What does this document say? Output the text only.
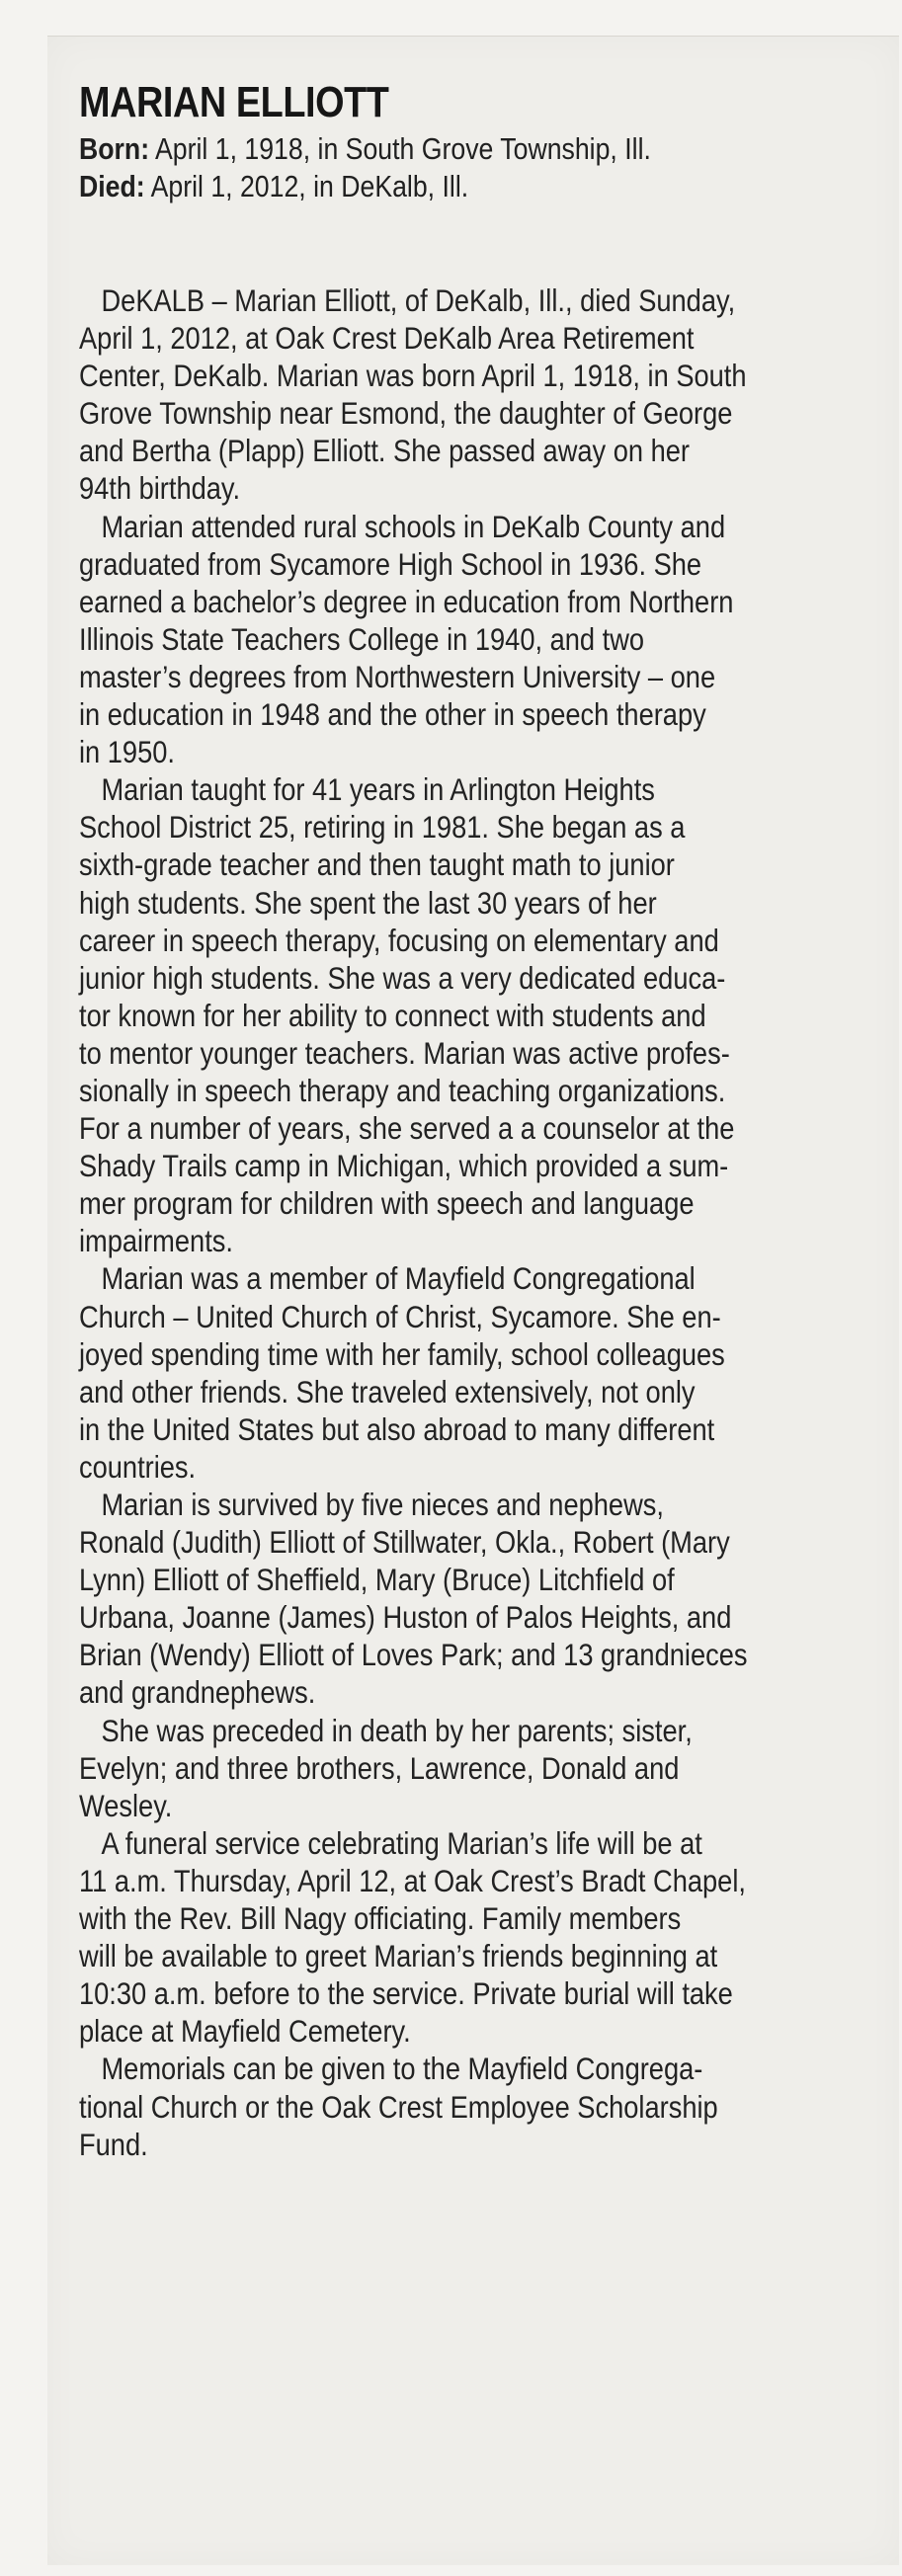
MARIAN ELLIOTT
Born: April 1, 1918, in South Grove Township, Ill.
Died: April 1, 2012, in DeKalb, Ill.
DeKALB – Marian Elliott, of DeKalb, Ill., died Sunday,
April 1, 2012, at Oak Crest DeKalb Area Retirement
Center, DeKalb. Marian was born April 1, 1918, in South
Grove Township near Esmond, the daughter of George
and Bertha (Plapp) Elliott. She passed away on her
94th birthday.
Marian attended rural schools in DeKalb County and
graduated from Sycamore High School in 1936. She
earned a bachelor’s degree in education from Northern
Illinois State Teachers College in 1940, and two
master’s degrees from Northwestern University – one
in education in 1948 and the other in speech therapy
in 1950.
Marian taught for 41 years in Arlington Heights
School District 25, retiring in 1981. She began as a
sixth-grade teacher and then taught math to junior
high students. She spent the last 30 years of her
career in speech therapy, focusing on elementary and
junior high students. She was a very dedicated educa-
tor known for her ability to connect with students and
to mentor younger teachers. Marian was active profes-
sionally in speech therapy and teaching organizations.
For a number of years, she served a a counselor at the
Shady Trails camp in Michigan, which provided a sum-
mer program for children with speech and language
impairments.
Marian was a member of Mayfield Congregational
Church – United Church of Christ, Sycamore. She en-
joyed spending time with her family, school colleagues
and other friends. She traveled extensively, not only
in the United States but also abroad to many different
countries.
Marian is survived by five nieces and nephews,
Ronald (Judith) Elliott of Stillwater, Okla., Robert (Mary
Lynn) Elliott of Sheffield, Mary (Bruce) Litchfield of
Urbana, Joanne (James) Huston of Palos Heights, and
Brian (Wendy) Elliott of Loves Park; and 13 grandnieces
and grandnephews.
She was preceded in death by her parents; sister,
Evelyn; and three brothers, Lawrence, Donald and
Wesley.
A funeral service celebrating Marian’s life will be at
11 a.m. Thursday, April 12, at Oak Crest’s Bradt Chapel,
with the Rev. Bill Nagy officiating. Family members
will be available to greet Marian’s friends beginning at
10:30 a.m. before to the service. Private burial will take
place at Mayfield Cemetery.
Memorials can be given to the Mayfield Congrega-
tional Church or the Oak Crest Employee Scholarship
Fund.
